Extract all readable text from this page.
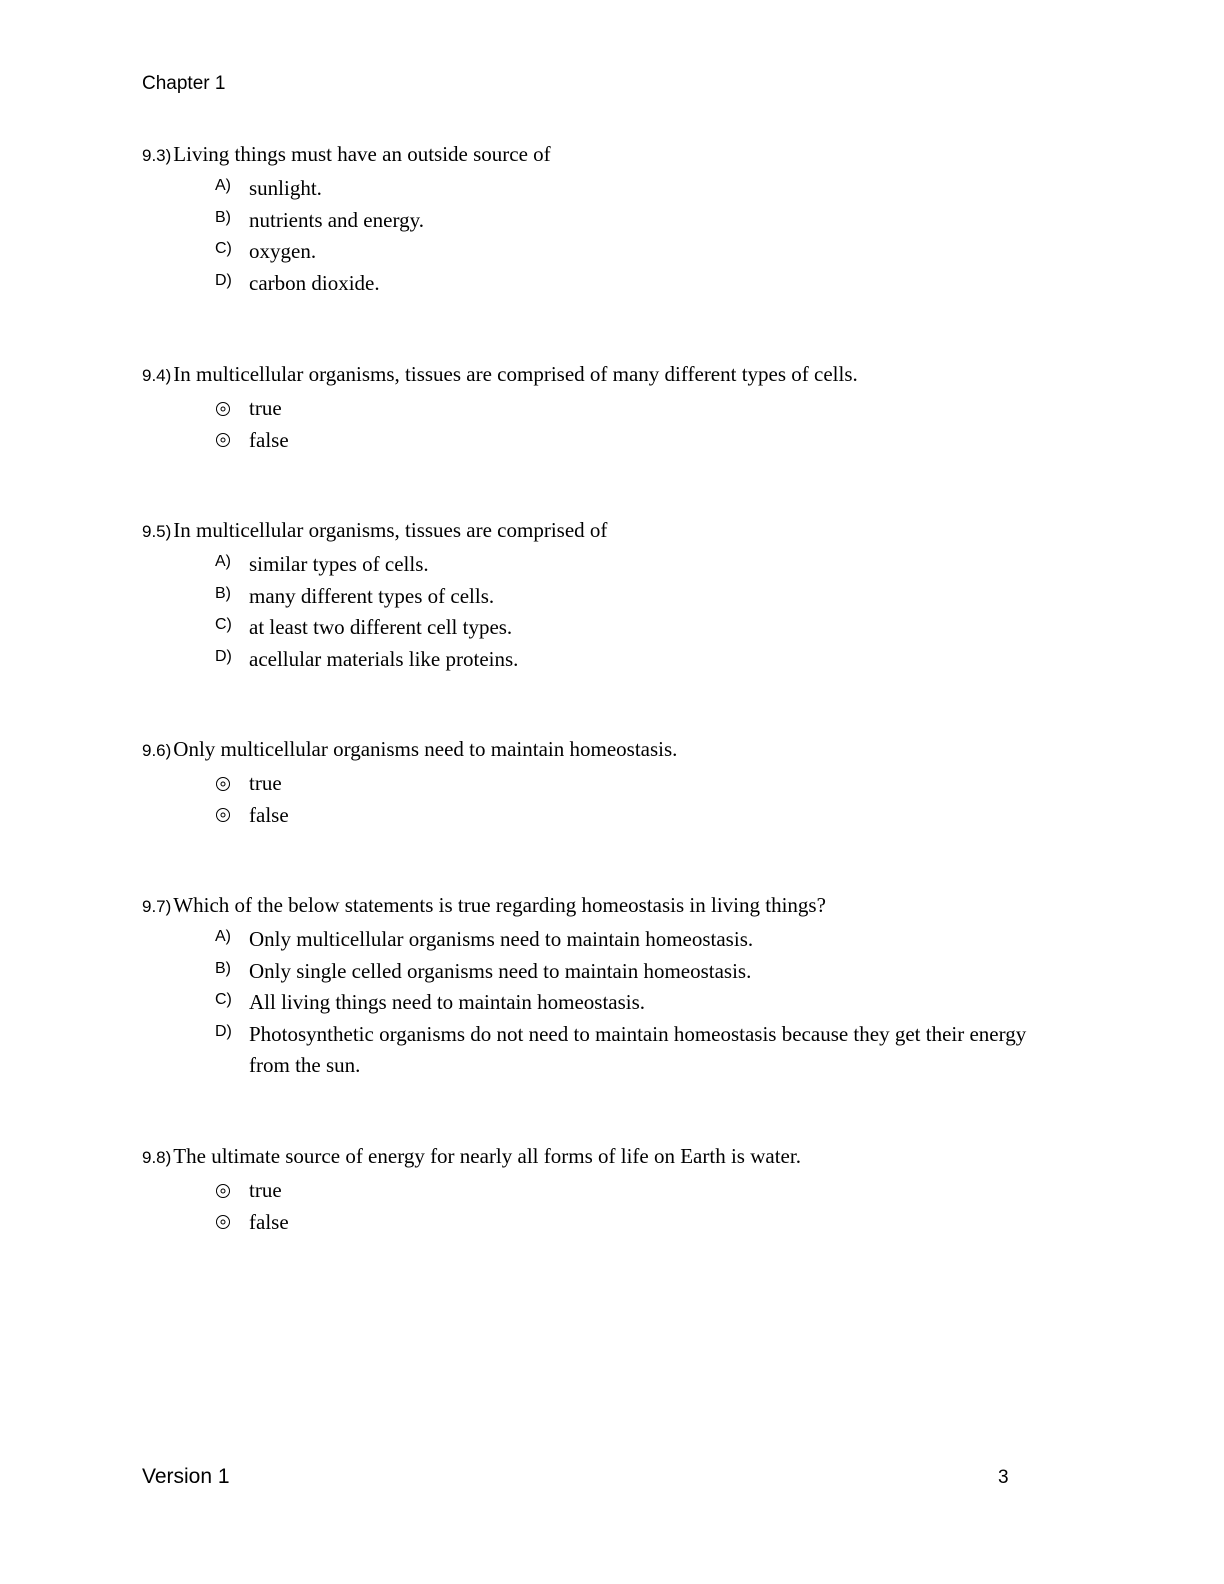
Chapter 1
9.3) Living things must have an outside source of
A) sunlight.
B) nutrients and energy.
C) oxygen.
D) carbon dioxide.
9.4) In multicellular organisms, tissues are comprised of many different types of cells.
true
false
9.5) In multicellular organisms, tissues are comprised of
A) similar types of cells.
B) many different types of cells.
C) at least two different cell types.
D) acellular materials like proteins.
9.6) Only multicellular organisms need to maintain homeostasis.
true
false
9.7) Which of the below statements is true regarding homeostasis in living things?
A) Only multicellular organisms need to maintain homeostasis.
B) Only single celled organisms need to maintain homeostasis.
C) All living things need to maintain homeostasis.
D) Photosynthetic organisms do not need to maintain homeostasis because they get their energy from the sun.
9.8) The ultimate source of energy for nearly all forms of life on Earth is water.
true
false
Version 1	3
